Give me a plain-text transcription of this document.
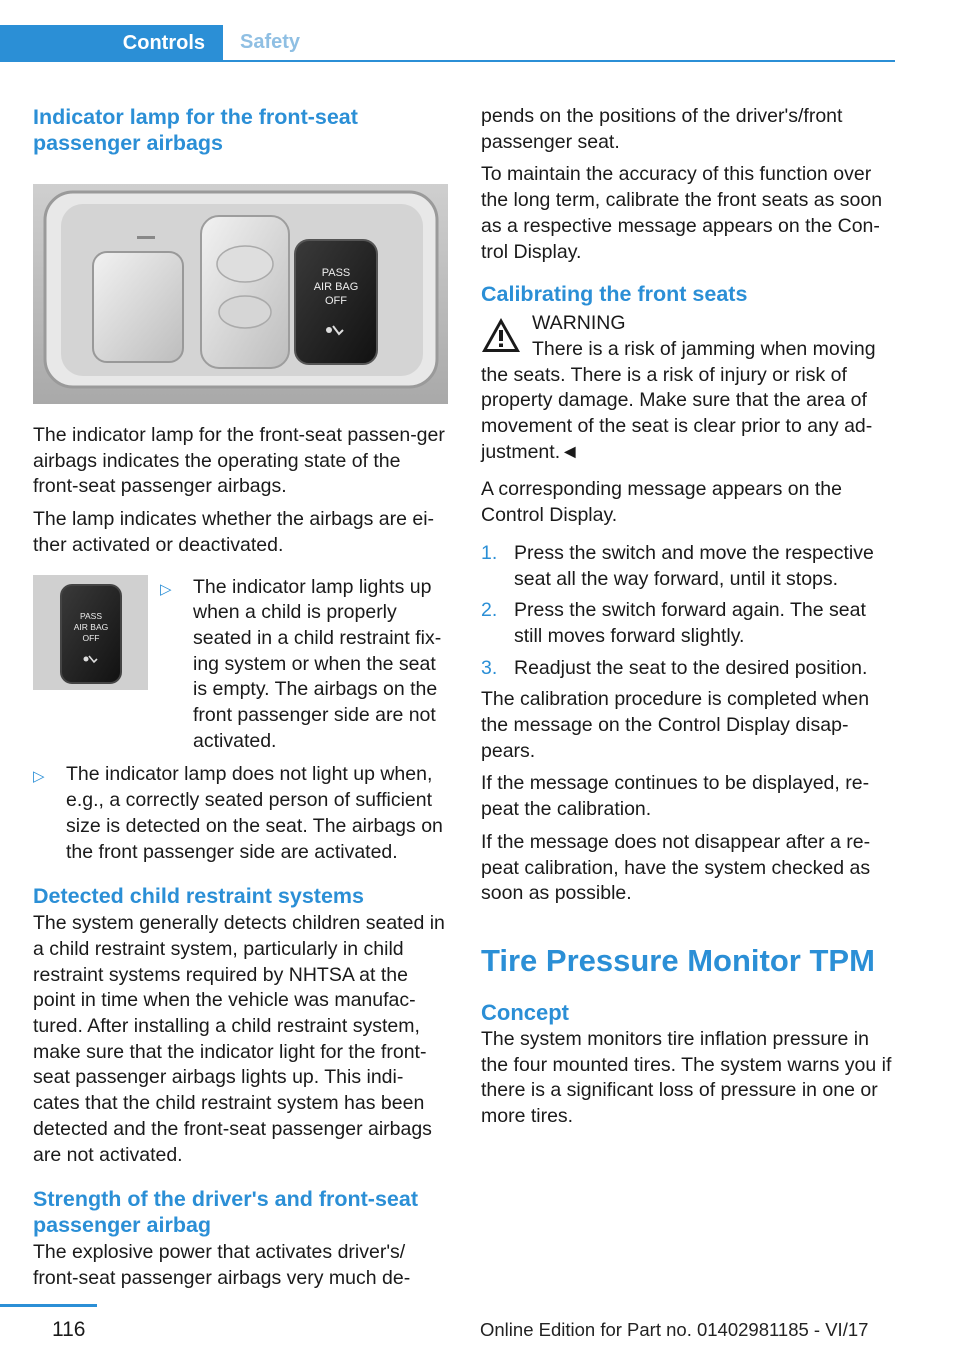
Controls	Safety
Indicator lamp for the front-seat passenger airbags
PASS
AIR BAG
OFF

The indicator lamp for the front-seat passen-ger airbags indicates the operating state of the front-seat passenger airbags.

The lamp indicates whether the airbags are ei-ther activated or deactivated.

PASS
AIR BAG
OFF
▷	The indicator lamp lights up when a child is properly seated in a child restraint fix-ing system or when the seat is empty. The airbags on the front passenger side are not activated.
▷	The indicator lamp does not light up when, e.g., a correctly seated person of sufficient size is detected on the seat. The airbags on the front passenger side are activated.
Detected child restraint systems

The system generally detects children seated in a child restraint system, particularly in child restraint systems required by NHTSA at the point in time when the vehicle was manufac-tured. After installing a child restraint system, make sure that the indicator light for the front-seat passenger airbags lights up. This indi-cates that the child restraint system has been detected and the front-seat passenger airbags are not activated.

Strength of the driver's and front-seat passenger airbag

The explosive power that activates driver's/ front-seat passenger airbags very much de-

pends on the positions of the driver's/front passenger seat.

To maintain the accuracy of this function over the long term, calibrate the front seats as soon as a respective message appears on the Con-trol Display.

Calibrating the front seats
WARNING
There is a risk of jamming when moving

the seats. There is a risk of injury or risk of property damage. Make sure that the area of movement of the seat is clear prior to any ad-justment.◄

A corresponding message appears on the Control Display.

1. Press the switch and move the respective seat all the way forward, until it stops.
2. Press the switch forward again. The seat still moves forward slightly.
3. Readjust the seat to the desired position.

The calibration procedure is completed when the message on the Control Display disap-pears.

If the message continues to be displayed, re-peat the calibration.

If the message does not disappear after a re-peat calibration, have the system checked as soon as possible.

Tire Pressure Monitor TPM
Concept

The system monitors tire inflation pressure in the four mounted tires. The system warns you if there is a significant loss of pressure in one or more tires.

116	Online Edition for Part no. 01402981185 - VI/17
